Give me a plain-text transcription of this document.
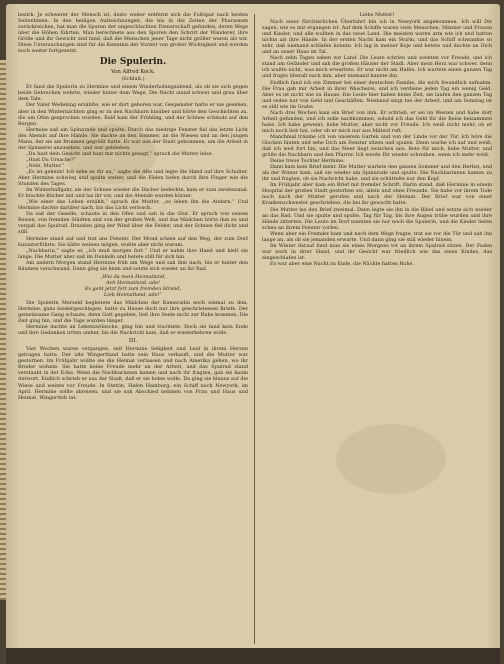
bezirk. Je schwerer der Mensch ist, desto weiter entfernt sich die Fußspur nach beiden Seitenlinien. In den heiligen Aufzeichnungen, die bis in die Zeiten der Pharaonen zurückreichen, hat man die Spuren der ungeschlachten Dienerschaft gefunden, deren Wege über die Höhen führten. Man berechnete aus den Spuren den Schritt der Wanderer, ihre Größe und ihr Gewicht und fand, daß die Menschen jener Tage nicht größer waren als wir. Diese Untersuchungen sind für die Kenntnis der Vorzeit von großer Wichtigkeit und werden noch weiter fortgesetzt.

Die Spulerin.
Von Alfred Kock.
(Schluß.)

Er fand die Spulerin zu Hermine und einem Wiederholungsabend, als ob sie sich gegen beide Gebrechen wehrte, wieder hinter dem Wege. Die Nacht stand schwer und grau über dem Tale.

Der Vater Wedeking erzählte, wie er dort geboren war, Gespenster hatte er nie gesehen, aber in den Winternächten ging er zu den Nachbarn hinüber und hörte den Geschichten zu, die am Ofen gesprochen wurden. Bald kam der Frühling, und der Schnee schmolz auf den Bergen.

Hermine saß am Spinnrade und spulte. Durch das niedrige Fenster fiel das letzte Licht des Abends auf ihre Hände. Sie dachte an den Sommer, an die Wiesen und an den jungen Mann, der sie am Brunnen gegrüßt hatte. Er war aus der Stadt gekommen, um die Arbeit in der Spinnerei anzusehen, und war geblieben.

„Du hast dein Gesicht und hast mir nichts gesagt,“ sprach die Mutter leise.

„Hast Du Ursache?“

„Nein, Mutter.“

„Es ist geheim! Ich sehe es dir an,“ sagte die Alte und legte die Hand auf ihre Schulter. Aber Hermine schwieg und spulte weiter, und die Fäden liefen durch ihre Finger wie die Stunden des Tages.

Im Winterhalbjahr, als der Schnee wieder die Dächer bedeckte, kam er zum zweitenmal. Er brachte Bücher mit und las ihr vor, und die Abende wurden kürzer.

„Wie einer das Leben erzählt,“ sprach die Mutter, „so leben ihn die Andern.“ Und Hermine dachte darüber nach, bis das Licht verlosch.

Da saß der Geselle, schaute in den Ofen und sah in die Glut. Er sprach von seinen Reisen, von fremden Städten und von der großen Welt, und das Mädchen hörte ihm zu und vergaß das Spulrad. Draußen ging der Wind über die Felder, und der Schnee fiel dicht und still.

Hermine stand auf und trat ans Fenster. Der Mond schien auf den Weg, der zum Dorf hinunterführte. Sie hätte weinen mögen, wußte aber nicht warum.

„Nachbarin,“ sagte er, „ich muß morgen fort.“ Und er nahm ihre Hand und hielt sie lange. Die Mutter aber saß im Dunkeln und betete still für sich hin.

Am andern Morgen stand Hermine früh am Wege und sah ihm nach, bis er hinter den Bäumen verschwand. Dann ging sie heim und setzte sich wieder an ihr Rad.

„Wie da mein Heimatland,
Ach Heimatland, ade!
Es geht jetzt fort zum fremden Strand,
Lieb Heimatland, ade!“

Die Spulerin Merseld begleitete das Mädchen der Kameradin noch einmal zu ihm. Hermine, ganz niedergeschlagen, hatte zu Hause doch nur ihre geschriebenen Briefe. Der gemeinsame Gang schaute, denn Gott gegeben, ließ ihre Seele nicht zur Ruhe kommen. Die Zeit ging hin, und die Tage wurden länger.

Hermine dachte an Lebenswünsche, ging hin und trachtete. Doch sie fand kein Ende und ihre Gedanken irrten umher, bis die Nachricht kam, daß er wiederkehren wolle.

III.

Vier Wochen waren vergangen, seit Hermine Seligkeit und Leid in ihrem Herzen getragen hatte. Der alte Wingertlund hatte sein Haus verkauft, und die Mutter war gestorben. Im Frühjahr wollte sie die Heimat verlassen und nach Amerika gehen, wo ihr Bruder wohnte. Sie hatte keine Freude mehr an der Arbeit, und das Spulrad stand verstaubt in der Ecke. Wenn die Nachbarinnen kamen und nach ihr fragten, gab sie kaum Antwort. Endlich schrieb er aus der Stadt, daß er sie holen wolle. Da ging sie hinaus auf die Wiese und weinte vor Freude. In Stettin, Hafen Hamburg, ein Schiff nach Newyork, im April. Hermine sollte abreisen, und sie sah Abschied nehmen von Frau und Haus und Heimat. Wingertloh tat.

Liebe Mutter!

Nach einer fürchterlichen Überfahrt bin ich in Newyork angekommen. Ich will Dir sagen, wie es mir ergangen ist. Auf dem Schiffe waren viele Menschen, Männer und Frauen und Kinder, und alle wollten in das neue Land. Die meisten waren arm wie ich und hatten nichts als ihre Hände. In der ersten Nacht kam ein Sturm, und das Schiff schwankte so sehr, daß niemand schlafen konnte. Ich lag in meiner Koje und betete und dachte an Dich und an unser Haus im Tal.

Nach zehn Tagen sahen wir Land. Die Leute schrien und weinten vor Freude, und ich stand am Geländer und sah die großen Häuser der Stadt. Aber mein Herz war schwer, denn ich wußte nicht, was mich erwartete. Er war nicht am Hafen. Ich wartete einen ganzen Tag und fragte überall nach ihm, aber niemand kannte ihn.

Endlich fand ich ein Zimmer bei einer deutschen Familie, die mich freundlich aufnahm. Die Frau gab mir Arbeit in ihrer Wäscherei, und ich verdiene jeden Tag ein wenig Geld. Aber es ist nicht wie zu Hause. Die Leute hier haben keine Zeit, sie laufen den ganzen Tag und reden nur von Geld und Geschäften. Niemand singt bei der Arbeit, und am Sonntag ist es still wie im Grabe.

Nach drei Wochen kam ein Brief von ihm. Er schrieb, er sei im Westen und habe dort Arbeit gefunden, und ich solle nachkommen, sobald ich das Geld für die Reise beisammen habe. Ich habe geweint, liebe Mutter, aber nicht vor Freude. Ich weiß nicht mehr, ob er mich noch lieb hat, oder ob er mich nur aus Mitleid ruft.

Manchmal träume ich von unserem Garten und von der Linde vor der Tür. Ich höre die Glocken läuten und sehe Dich am Fenster sitzen und spulen. Dann wache ich auf und weiß, daß ich weit fort bin, und das Meer liegt zwischen uns. Bete für mich, liebe Mutter, und grüße die Nachbarn und den Pfarrer. Ich werde Dir wieder schreiben, wenn ich mehr weiß.

Deine treue Tochter Hermine.

Dann kam kein Brief mehr. Die Mutter wartete den ganzen Sommer und den Herbst, und als der Winter kam, saß sie wieder am Spinnrade und spulte. Die Nachbarinnen kamen zu ihr und fragten, ob sie Nachricht habe, und sie schüttelte nur den Kopf.

Im Frühjahr aber kam ein Brief mit fremder Schrift. Darin stand, daß Hermine in einem Hospital der großen Stadt gestorben sei, allein und ohne Freunde. Sie habe vor ihrem Tode noch nach der Mutter gerufen und nach der Heimat. Der Brief war von einer Krankenschwester geschrieben, die bei ihr gewacht hatte.

Die Mutter las den Brief zweimal. Dann legte sie ihn in die Bibel und setzte sich wieder an das Rad. Und sie spulte und spulte, Tag für Tag, bis ihre Augen trübe wurden und ihre Hände zitterten. Die Leute im Dorf nannten sie nur noch die Spulerin, und die Kinder liefen scheu an ihrem Fenster vorbei.

Wenn aber ein Fremder kam und nach dem Wege fragte, trat sie vor die Tür und sah ihn lange an, als ob sie jemanden erwarte. Und dann ging sie still wieder hinein.

Im Winter darauf fand man sie eines Morgens tot an ihrem Spulrad sitzen. Der Faden war noch in ihrer Hand, und ihr Gesicht war friedlich wie das eines Kindes, das eingeschlafen ist.

Es war aber eine Nacht zu Ende, die Nächte hatten Ruhe.
